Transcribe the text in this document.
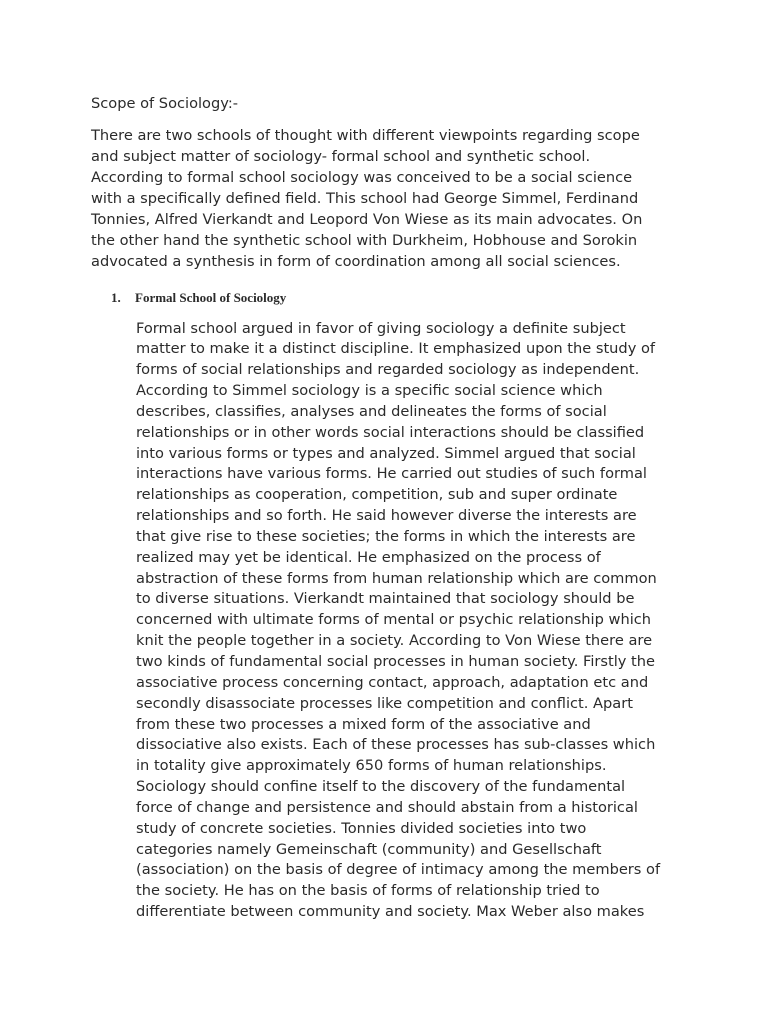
Scope of Sociology:-
There are two schools of thought with different viewpoints regarding scope
and subject matter of sociology- formal school and synthetic school.
According to formal school sociology was conceived to be a social science
with a specifically defined field. This school had George Simmel, Ferdinand
Tonnies, Alfred Vierkandt and Leopord Von Wiese as its main advocates. On
the other hand the synthetic school with Durkheim, Hobhouse and Sorokin
advocated a synthesis in form of coordination among all social sciences.
1. Formal School of Sociology
Formal school argued in favor of giving sociology a definite subject
matter to make it a distinct discipline. It emphasized upon the study of
forms of social relationships and regarded sociology as independent.
According to Simmel sociology is a specific social science which
describes, classifies, analyses and delineates the forms of social
relationships or in other words social interactions should be classified
into various forms or types and analyzed. Simmel argued that social
interactions have various forms. He carried out studies of such formal
relationships as cooperation, competition, sub and super ordinate
relationships and so forth. He said however diverse the interests are
that give rise to these societies; the forms in which the interests are
realized may yet be identical. He emphasized on the process of
abstraction of these forms from human relationship which are common
to diverse situations. Vierkandt maintained that sociology should be
concerned with ultimate forms of mental or psychic relationship which
knit the people together in a society. According to Von Wiese there are
two kinds of fundamental social processes in human society. Firstly the
associative process concerning contact, approach, adaptation etc and
secondly disassociate processes like competition and conflict. Apart
from these two processes a mixed form of the associative and
dissociative also exists. Each of these processes has sub-classes which
in totality give approximately 650 forms of human relationships.
Sociology should confine itself to the discovery of the fundamental
force of change and persistence and should abstain from a historical
study of concrete societies. Tonnies divided societies into two
categories namely Gemeinschaft (community) and Gesellschaft
(association) on the basis of degree of intimacy among the members of
the society. He has on the basis of forms of relationship tried to
differentiate between community and society. Max Weber also makes
